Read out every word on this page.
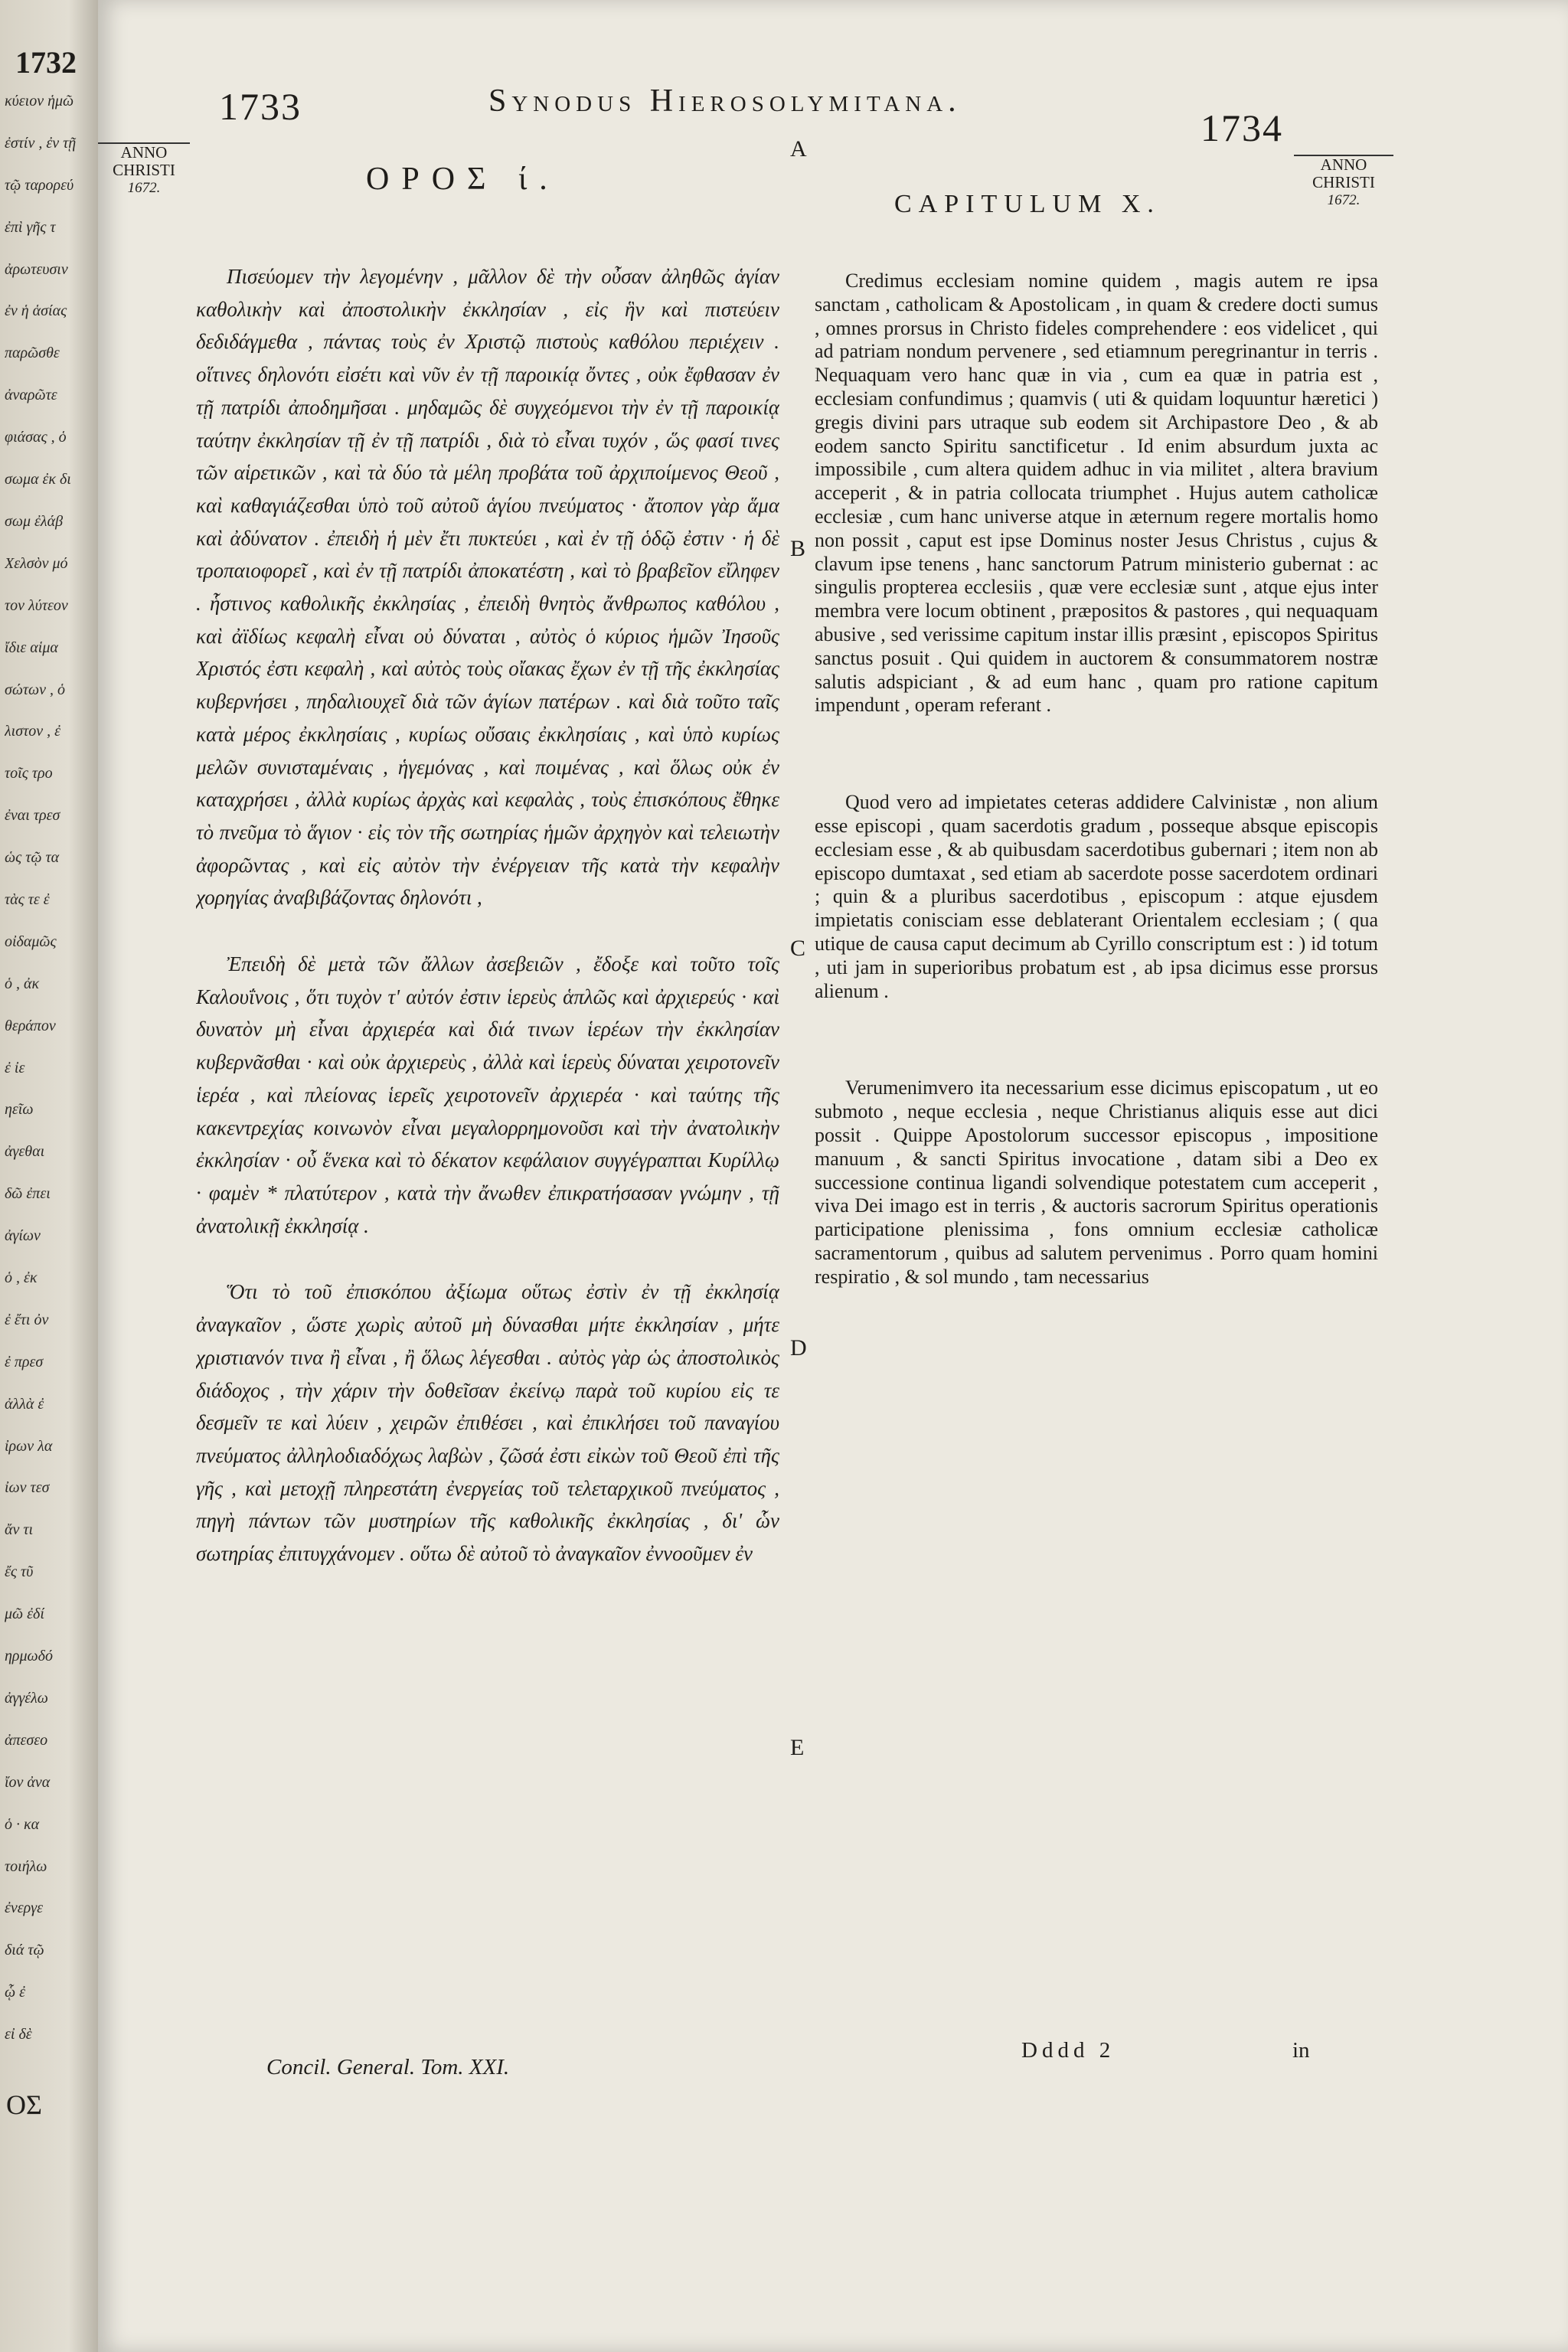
1732
κύειον ἡμῶ
ἐστίν , ἐν τῇ
τῷ ταρορεύ
ἐπὶ γῆς τ
ἀρωτευσιν
ἐν ἡ ἁσίας
παρῶσθε
ἀναρῶτε
φιάσας , ὁ
σωμα ἐκ δι
σωμ ἐλάβ
Χελσὸν μό
τον λύτεον
ἴδιε αἱμα
σώτων , ὁ
λιστον , ἐ
τοῖς τρο
ἐναι τρεσ
ὡς τῷ τα
τὰς τε ἐ
οἰδαμῶς
ὁ , ἀκ
θεράπον
ἐ ἰε
ηεῖω
ἀγεθαι
δῶ ἐπει
ἀγίων
ὁ , ἐκ
ἐ ἔτι ὀν
ἐ πρεσ
ἀλλὰ ἐ
ἰρων λα
ἰων τεσ
ἄν τι
ἔς τῦ
μῶ ἐδί
ηρμωδό
ἀγγέλω
ἀπεσεο
ἴον ἀνα
ὁ · κα
τοιήλω
ἐνεργε
διά τῷ
ᾧ ἐ
εἰ δὲ
ΟΣ
1733	Synodus Hierosolymitana.
1734
ANNO
CHRISTI
1672.
ANNO
CHRISTI
1672.
A
B
C
D
E
ΟΡΟΣ ί.
CAPITULUM X.

Πισεύομεν τὴν λεγομένην , μᾶλλον δὲ τὴν οὖσαν ἀληθῶς ἁγίαν καθολικὴν καὶ ἀποστολικὴν ἐκκλησίαν , εἰς ἣν καὶ πιστεύειν δεδιδάγμεθα , πάντας τοὺς ἐν Χριστῷ πιστοὺς καθόλου περιέχειν . οἵτινες δηλονότι εἰσέτι καὶ νῦν ἐν τῇ παροικίᾳ ὄντες , οὐκ ἔφθασαν ἐν τῇ πατρίδι ἀποδημῆσαι . μηδαμῶς δὲ συγχεόμενοι τὴν ἐν τῇ παροικίᾳ ταύτην ἐκκλησίαν τῇ ἐν τῇ πατρίδι , διὰ τὸ εἶναι τυχόν , ὥς φασί τινες τῶν αἱρετικῶν , καὶ τὰ δύο τὰ μέλη προβάτα τοῦ ἀρχιποίμενος Θεοῦ , καὶ καθαγιάζεσθαι ὑπὸ τοῦ αὐτοῦ ἁγίου πνεύματος · ἄτοπον γὰρ ἅμα καὶ ἀδύνατον . ἐπειδὴ ἡ μὲν ἔτι πυκτεύει , καὶ ἐν τῇ ὁδῷ ἐστιν · ἡ δὲ τροπαιοφορεῖ , καὶ ἐν τῇ πατρίδι ἀποκατέστη , καὶ τὸ βραβεῖον εἴληφεν . ἧστινος καθολικῆς ἐκκλησίας , ἐπειδὴ θνητὸς ἄνθρωπος καθόλου , καὶ ἀϊδίως κεφαλὴ εἶναι οὐ δύναται , αὐτὸς ὁ κύριος ἡμῶν Ἰησοῦς Χριστός ἐστι κεφαλὴ , καὶ αὐτὸς τοὺς οἴακας ἔχων ἐν τῇ τῆς ἐκκλησίας κυβερνήσει , πηδαλιουχεῖ διὰ τῶν ἁγίων πατέρων . καὶ διὰ τοῦτο ταῖς κατὰ μέρος ἐκκλησίαις , κυρίως οὔσαις ἐκκλησίαις , καὶ ὑπὸ κυρίως μελῶν συνισταμέναις , ἡγεμόνας , καὶ ποιμένας , καὶ ὅλως οὐκ ἐν καταχρήσει , ἀλλὰ κυρίως ἀρχὰς καὶ κεφαλὰς , τοὺς ἐπισκόπους ἔθηκε τὸ πνεῦμα τὸ ἅγιον · εἰς τὸν τῆς σωτηρίας ἡμῶν ἀρχηγὸν καὶ τελειωτὴν ἀφορῶντας , καὶ εἰς αὐτὸν τὴν ἐνέργειαν τῆς κατὰ τὴν κεφαλὴν χορηγίας ἀναβιβάζοντας δηλονότι ,

Ἐπειδὴ δὲ μετὰ τῶν ἄλλων ἀσεβειῶν , ἔδοξε καὶ τοῦτο τοῖς Καλουΐνοις , ὅτι τυχὸν τ' αὐτόν ἐστιν ἱερεὺς ἁπλῶς καὶ ἀρχιερεύς · καὶ δυνατὸν μὴ εἶναι ἀρχιερέα καὶ διά τινων ἱερέων τὴν ἐκκλησίαν κυβερνᾶσθαι · καὶ οὐκ ἀρχιερεὺς , ἀλλὰ καὶ ἱερεὺς δύναται χειροτονεῖν ἱερέα , καὶ πλείονας ἱερεῖς χειροτονεῖν ἀρχιερέα · καὶ ταύτης τῆς κακεντρεχίας κοινωνὸν εἶναι μεγαλορρημονοῦσι καὶ τὴν ἀνατολικὴν ἐκκλησίαν · οὗ ἕνεκα καὶ τὸ δέκατον κεφάλαιον συγγέγραπται Κυρίλλῳ · φαμὲν * πλατύτερον , κατὰ τὴν ἄνωθεν ἐπικρατήσασαν γνώμην , τῇ ἀνατολικῇ ἐκκλησίᾳ .

Ὅτι τὸ τοῦ ἐπισκόπου ἀξίωμα οὕτως ἐστὶν ἐν τῇ ἐκκλησίᾳ ἀναγκαῖον , ὥστε χωρὶς αὐτοῦ μὴ δύνασθαι μήτε ἐκκλησίαν , μήτε χριστιανόν τινα ἢ εἶναι , ἢ ὅλως λέγεσθαι . αὐτὸς γὰρ ὡς ἀποστολικὸς διάδοχος , τὴν χάριν τὴν δοθεῖσαν ἐκείνῳ παρὰ τοῦ κυρίου εἰς τε δεσμεῖν τε καὶ λύειν , χειρῶν ἐπιθέσει , καὶ ἐπικλήσει τοῦ παναγίου πνεύματος ἀλληλοδιαδόχως λαβὼν , ζῶσά ἐστι εἰκὼν τοῦ Θεοῦ ἐπὶ τῆς γῆς , καὶ μετοχῇ πληρεστάτη ἐνεργείας τοῦ τελεταρχικοῦ πνεύματος , πηγὴ πάντων τῶν μυστηρίων τῆς καθολικῆς ἐκκλησίας , δι' ὧν σωτηρίας ἐπιτυγχάνομεν . οὕτω δὲ αὐτοῦ τὸ ἀναγκαῖον ἐννοοῦμεν ἐν

Credimus ecclesiam nomine quidem , magis autem re ipsa sanctam , catholicam & Apostolicam , in quam & credere docti sumus , omnes prorsus in Christo fideles comprehendere : eos videlicet , qui ad patriam nondum pervenere , sed etiamnum peregrinantur in terris . Nequaquam vero hanc quæ in via , cum ea quæ in patria est , ecclesiam confundimus ; quamvis ( uti & quidam loquuntur hæretici ) gregis divini pars utraque sub eodem sit Archipastore Deo , & ab eodem sancto Spiritu sanctificetur . Id enim absurdum juxta ac impossibile , cum altera quidem adhuc in via militet , altera bravium acceperit , & in patria collocata triumphet . Hujus autem catholicæ ecclesiæ , cum hanc universe atque in æternum regere mortalis homo non possit , caput est ipse Dominus noster Jesus Christus , cujus & clavum ipse tenens , hanc sanctorum Patrum ministerio gubernat : ac singulis propterea ecclesiis , quæ vere ecclesiæ sunt , atque ejus inter membra vere locum obtinent , præpositos & pastores , qui nequaquam abusive , sed verissime capitum instar illis præsint , episcopos Spiritus sanctus posuit . Qui quidem in auctorem & consummatorem nostræ salutis adspiciant , & ad eum hanc , quam pro ratione capitum impendunt , operam referant .

Quod vero ad impietates ceteras addidere Calvinistæ , non alium esse episcopi , quam sacerdotis gradum , posseque absque episcopis ecclesiam esse , & ab quibusdam sacerdotibus gubernari ; item non ab episcopo dumtaxat , sed etiam ab sacerdote posse sacerdotem ordinari ; quin & a pluribus sacerdotibus , episcopum : atque ejusdem impietatis conisciam esse deblaterant Orientalem ecclesiam ; ( qua utique de causa caput decimum ab Cyrillo conscriptum est : ) id totum , uti jam in superioribus probatum est , ab ipsa dicimus esse prorsus alienum .

Verumenimvero ita necessarium esse dicimus episcopatum , ut eo submoto , neque ecclesia , neque Christianus aliquis esse aut dici possit . Quippe Apostolorum successor episcopus , impositione manuum , & sancti Spiritus invocatione , datam sibi a Deo ex successione continua ligandi solvendique potestatem cum acceperit , viva Dei imago est in terris , & auctoris sacrorum Spiritus operationis participatione plenissima , fons omnium ecclesiæ catholicæ sacramentorum , quibus ad salutem pervenimus . Porro quam homini respiratio , & sol mundo , tam necessarius

Concil. General. Tom. XXI.
Dddd 2	in
